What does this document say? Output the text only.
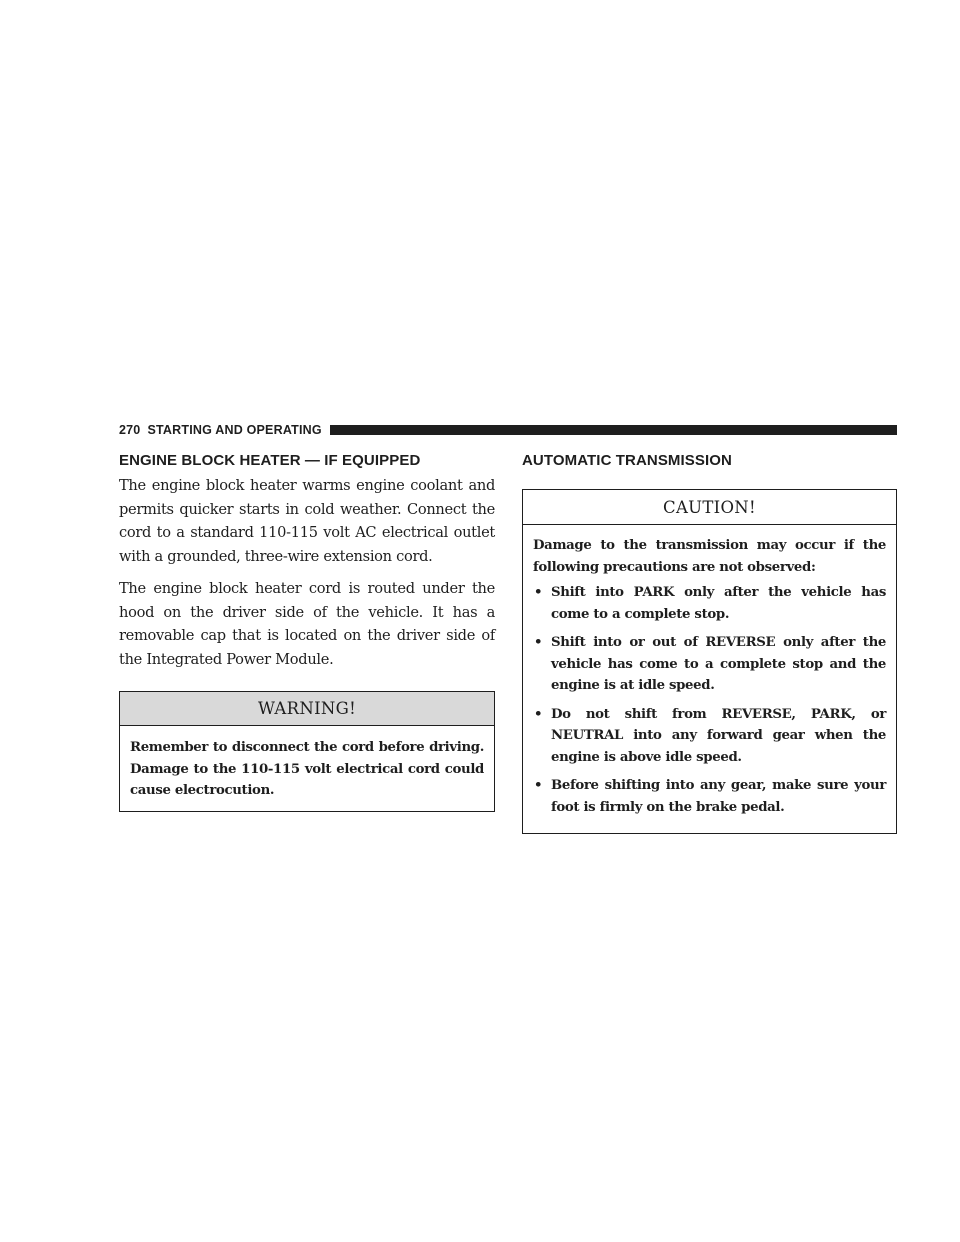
270 STARTING AND OPERATING
ENGINE BLOCK HEATER — IF EQUIPPED

The engine block heater warms engine coolant and permits quicker starts in cold weather. Connect the cord to a standard 110-115 volt AC electrical outlet with a grounded, three-wire extension cord.

The engine block heater cord is routed under the hood on the driver side of the vehicle. It has a removable cap that is located on the driver side of the Integrated Power Module.

WARNING!

Remember to disconnect the cord before driving. Damage to the 110-115 volt electrical cord could cause electrocution.

AUTOMATIC TRANSMISSION
CAUTION!

Damage to the transmission may occur if the following precautions are not observed:

• Shift into PARK only after the vehicle has come to a complete stop.
• Shift into or out of REVERSE only after the vehicle has come to a complete stop and the engine is at idle speed.
• Do not shift from REVERSE, PARK, or NEUTRAL into any forward gear when the engine is above idle speed.
• Before shifting into any gear, make sure your foot is firmly on the brake pedal.
